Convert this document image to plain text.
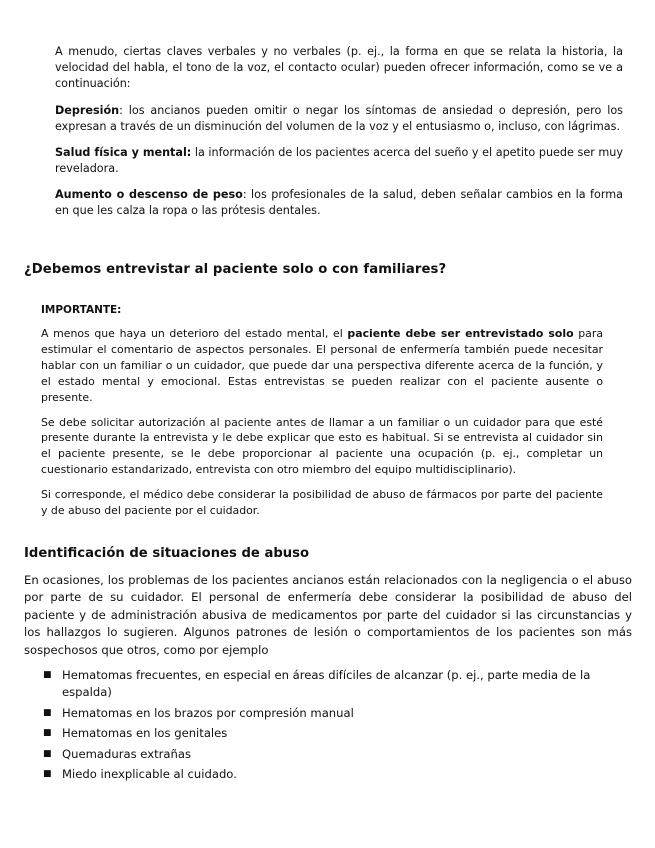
A menudo, ciertas claves verbales y no verbales (p. ej., la forma en que se relata la historia, la velocidad del habla, el tono de la voz, el contacto ocular) pueden ofrecer información, como se ve a continuación:

Depresión: los ancianos pueden omitir o negar los síntomas de ansiedad o depresión, pero los expresan a través de un disminución del volumen de la voz y el entusiasmo o, incluso, con lágrimas.

Salud física y mental: la información de los pacientes acerca del sueño y el apetito puede ser muy reveladora.

Aumento o descenso de peso: los profesionales de la salud, deben señalar cambios en la forma en que les calza la ropa o las prótesis dentales.

¿Debemos entrevistar al paciente solo o con familiares?
IMPORTANTE:

A menos que haya un deterioro del estado mental, el paciente debe ser entrevistado solo para estimular el comentario de aspectos personales. El personal de enfermería también puede necesitar hablar con un familiar o un cuidador, que puede dar una perspectiva diferente acerca de la función, y el estado mental y emocional. Estas entrevistas se pueden realizar con el paciente ausente o presente.

Se debe solicitar autorización al paciente antes de llamar a un familiar o un cuidador para que esté presente durante la entrevista y le debe explicar que esto es habitual. Si se entrevista al cuidador sin el paciente presente, se le debe proporcionar al paciente una ocupación (p. ej., completar un cuestionario estandarizado, entrevista con otro miembro del equipo multidisciplinario).

Si corresponde, el médico debe considerar la posibilidad de abuso de fármacos por parte del paciente y de abuso del paciente por el cuidador.

Identificación de situaciones de abuso

En ocasiones, los problemas de los pacientes ancianos están relacionados con la negligencia o el abuso por parte de su cuidador. El personal de enfermería debe considerar la posibilidad de abuso del paciente y de administración abusiva de medicamentos por parte del cuidador si las circunstancias y los hallazgos lo sugieren. Algunos patrones de lesión o comportamientos de los pacientes son más sospechosos que otros, como por ejemplo

■ Hematomas frecuentes, en especial en áreas difíciles de alcanzar (p. ej., parte media de la espalda)
■ Hematomas en los brazos por compresión manual
■ Hematomas en los genitales
■ Quemaduras extrañas
■ Miedo inexplicable al cuidado.
